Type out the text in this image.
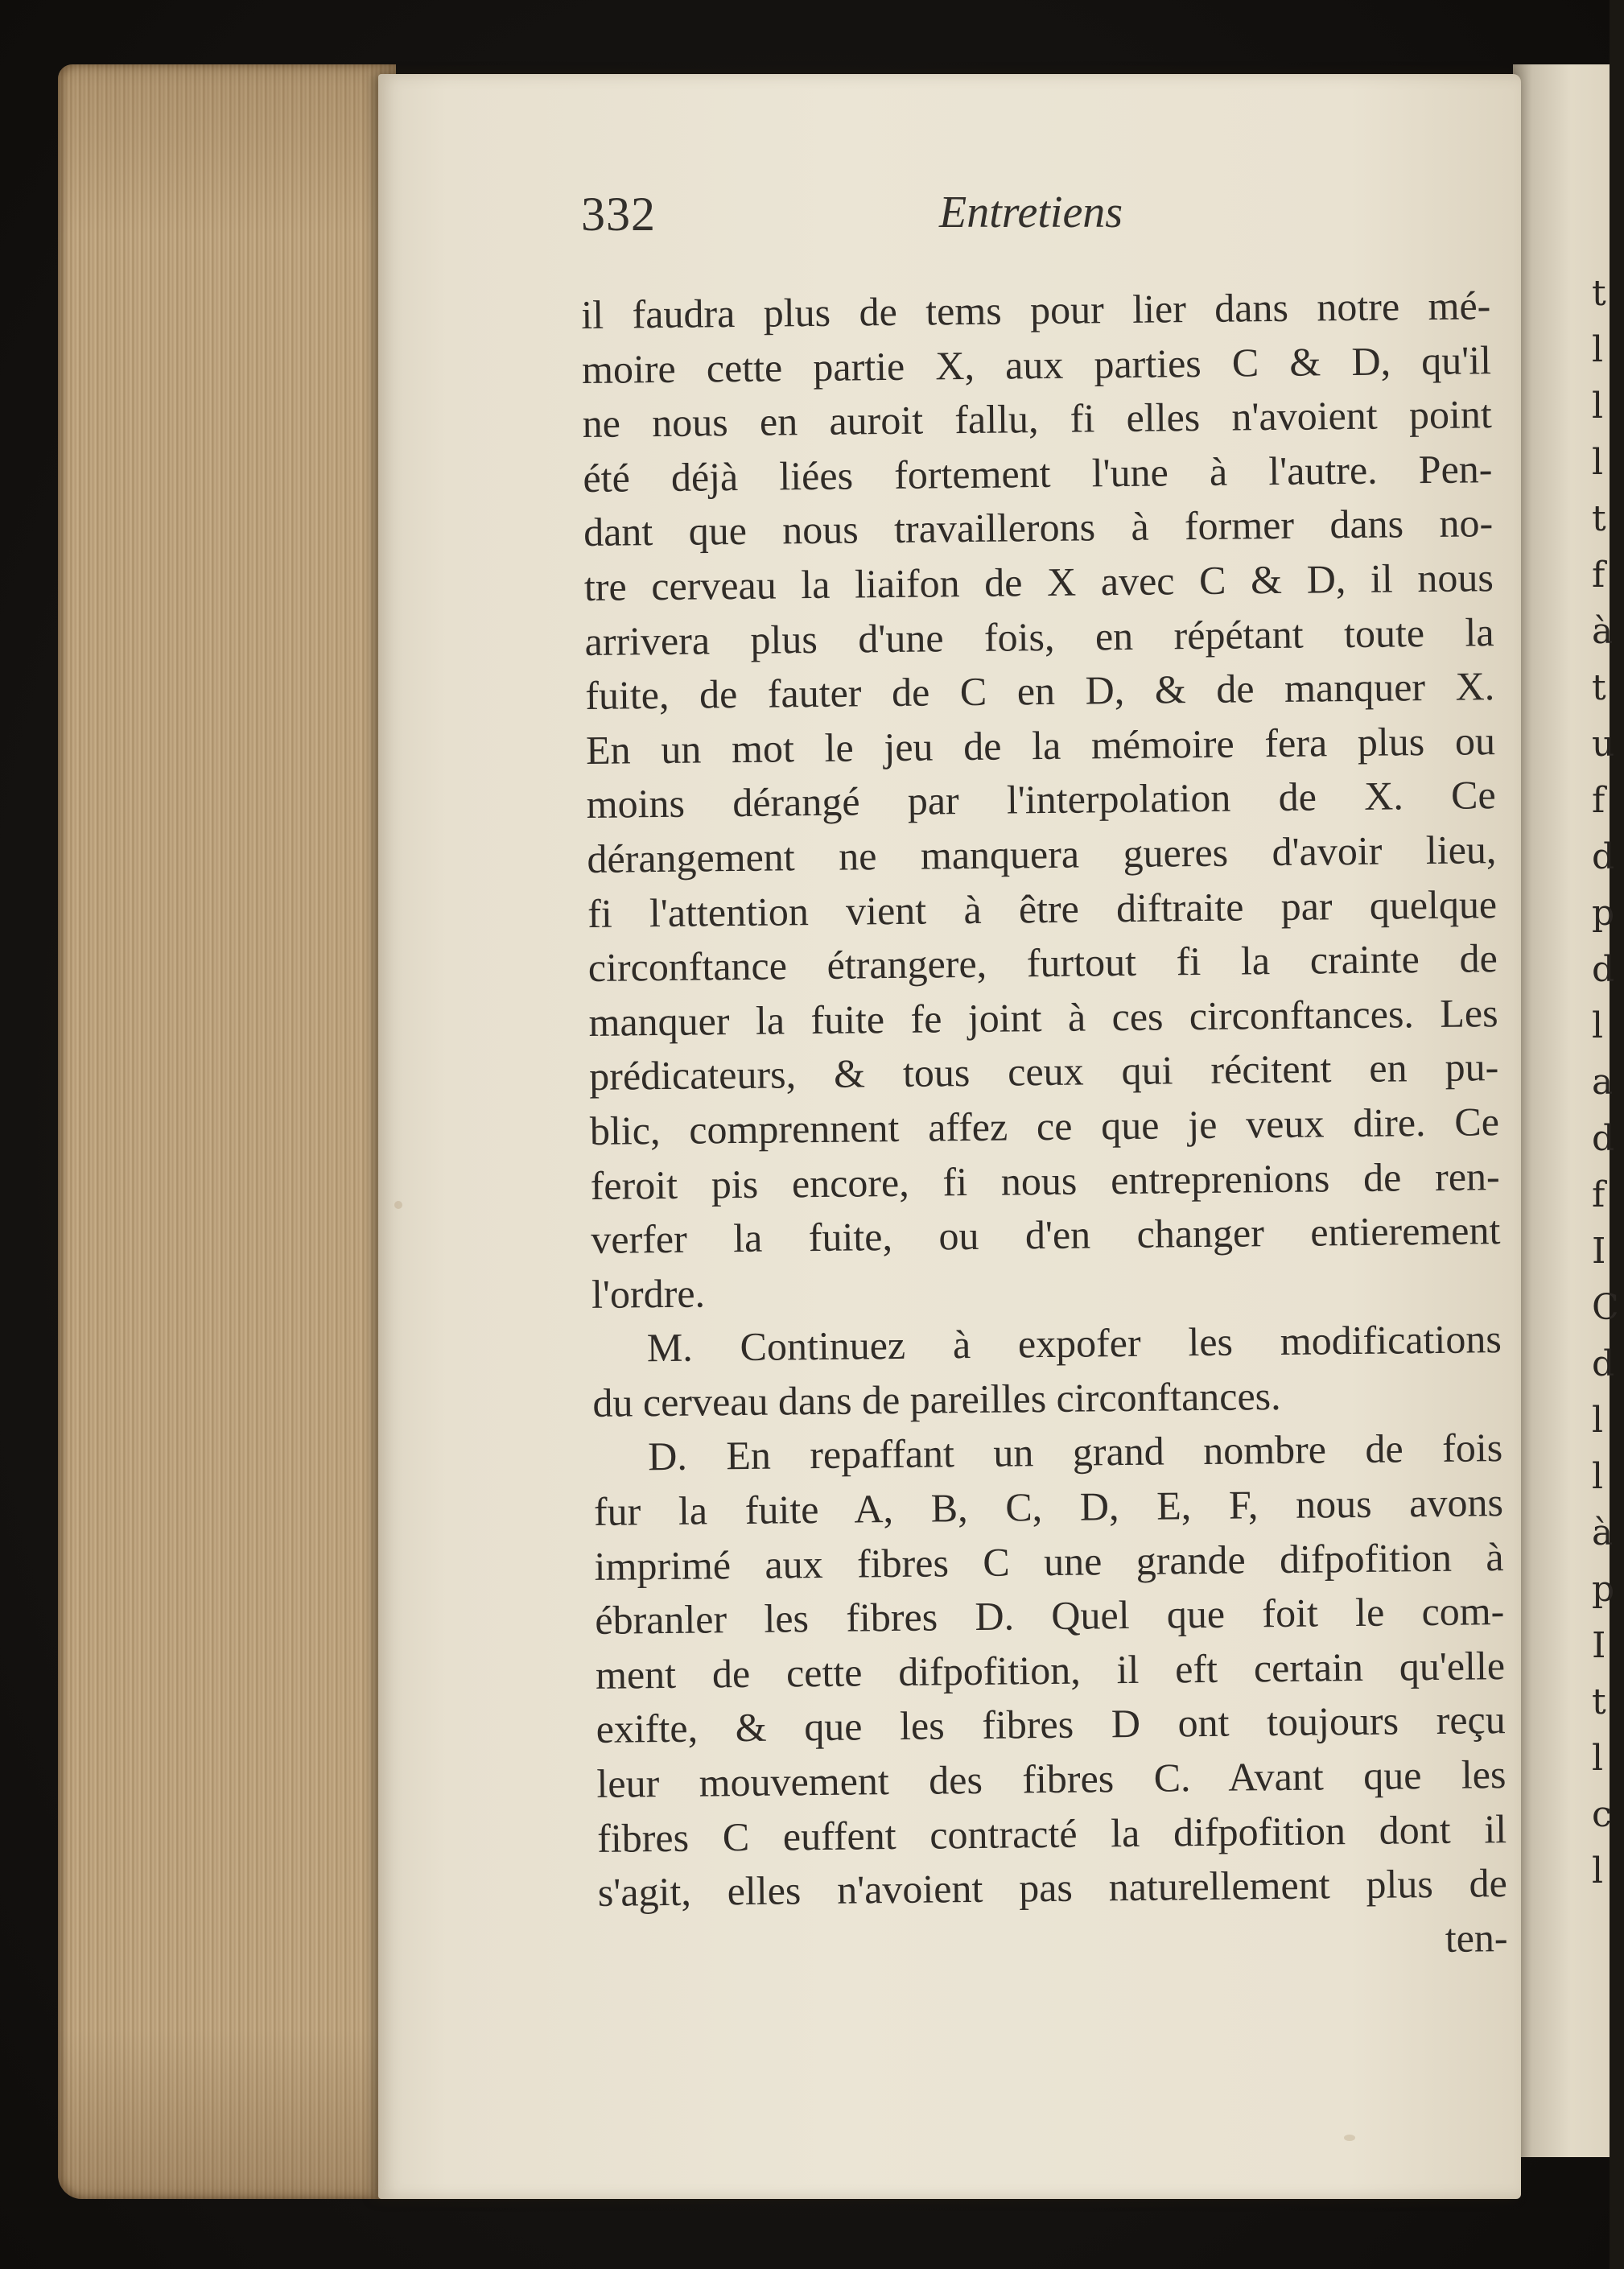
t
l
l
l
t
f
à
t
u
f
d
p
d
l
a
d
f
I
C
d
l
l
à
p
I
t
l
c
l
332	Entretiens
il faudra plus de tems pour lier dans notre mé-
moire cette partie X, aux parties C & D, qu'il
ne nous en auroit fallu, fi elles n'avoient point
été déjà liées fortement l'une à l'autre. Pen-
dant que nous travaillerons à former dans no-
tre cerveau la liaifon de X avec C & D, il nous
arrivera plus d'une fois, en répétant toute la
fuite, de fauter de C en D, & de manquer X.
En un mot le jeu de la mémoire fera plus ou
moins dérangé par l'interpolation de X. Ce
dérangement ne manquera gueres d'avoir lieu,
fi l'attention vient à être diftraite par quelque
circonftance étrangere, furtout fi la crainte de
manquer la fuite fe joint à ces circonftances. Les
prédicateurs, & tous ceux qui récitent en pu-
blic, comprennent affez ce que je veux dire. Ce
feroit pis encore, fi nous entreprenions de ren-
verfer la fuite, ou d'en changer entierement
l'ordre.
M. Continuez à expofer les modifications
du cerveau dans de pareilles circonftances.
D. En repaffant un grand nombre de fois
fur la fuite A, B, C, D, E, F, nous avons
imprimé aux fibres C une grande difpofition à
ébranler les fibres D. Quel que foit le com-
ment de cette difpofition, il eft certain qu'elle
exifte, & que les fibres D ont toujours reçu
leur mouvement des fibres C. Avant que les
fibres C euffent contracté la difpofition dont il
s'agit, elles n'avoient pas naturellement plus de
ten-
